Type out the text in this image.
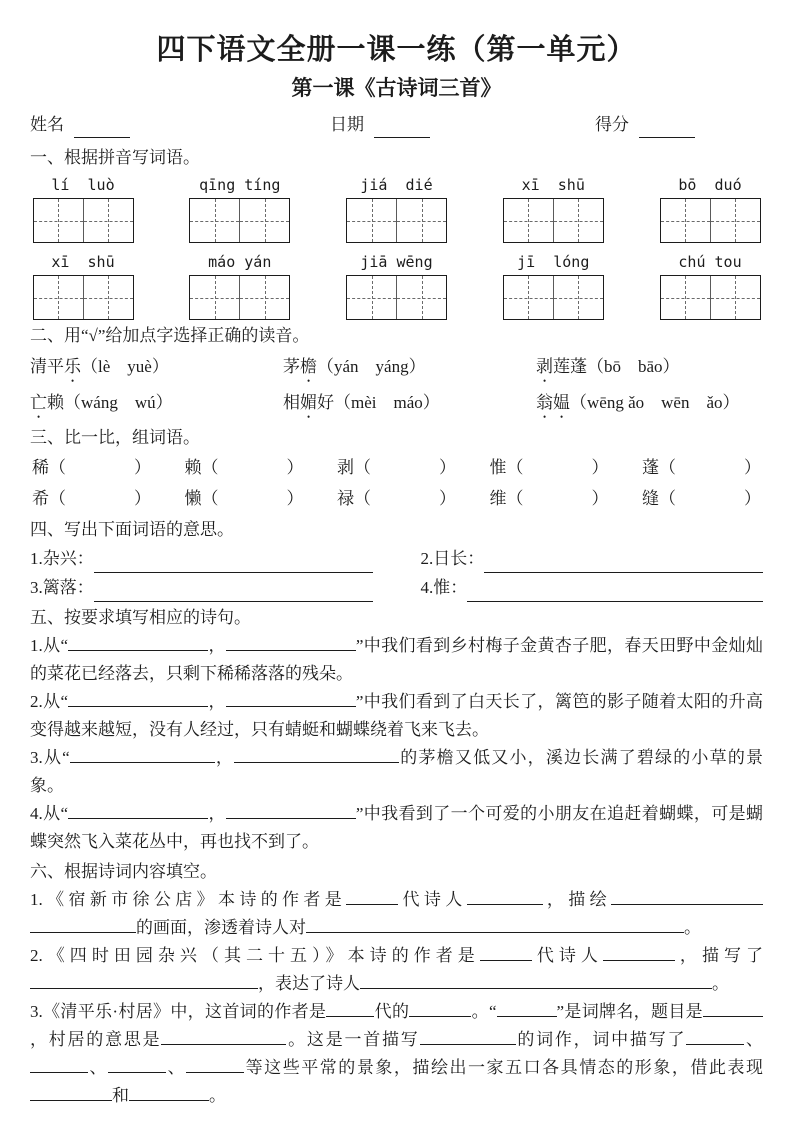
四下语文全册一课一练（第一单元）
第一课《古诗词三首》
姓名	日期	得分
一、根据拼音写词语。
lí  luò	qīng tíng	jiá  dié	xī  shū	bō  duó
xī  shū	máo yán	jiā wēng	jī  lóng	chú tou
二、用“√”给加点字选择正确的读音。
清平乐（lè　yuè）	茅檐（yán　yáng）	剥莲蓬（bō　bāo）
亡赖（wáng　wú）	相媚好（mèi　máo）	翁媪（wēng ǎo　wēn　ǎo）
三、比一比，组词语。
稀（　　　　） 赖（　　　　） 剥（　　　　） 惟（　　　　） 蓬（　　　　）
希（　　　　） 懒（　　　　） 禄（　　　　） 维（　　　　） 缝（　　　　）
四、写出下面词语的意思。
1.杂兴：	2.日长：
3.篱落：	4.惟：
五、按要求填写相应的诗句。

1.从“	，	”中我们看到乡村梅子金黄杏子肥，春天田野中金灿灿的菜花已经落去，只剩下稀稀落落的残朵。

2.从“	，	”中我们看到了白天长了，篱笆的影子随着太阳的升高变得越来越短，没有人经过，只有蜻蜓和蝴蝶绕着飞来飞去。

3.从“	，	的茅檐又低又小，溪边长满了碧绿的小草的景象。

4.从“	，	”中我看到了一个可爱的小朋友在追赶着蝴蝶，可是蝴蝶突然飞入菜花丛中，再也找不到了。

六、根据诗词内容填空。

1.《宿新市徐公店》本诗的作者是	代诗人	，描绘的画面，渗透着诗人对	。

2.《四时田园杂兴（其二十五）》本诗的作者是	代诗人	，描写了，表达了诗人	。

3.《清平乐·村居》中，这首词的作者是	代的	。“	”是词牌名，题目是，村居的意思是	。这是一首描写	的词作，词中描写了	、、	、	等这些平常的景象，描绘出一家五口各具情态的形象，借此表现和	。
